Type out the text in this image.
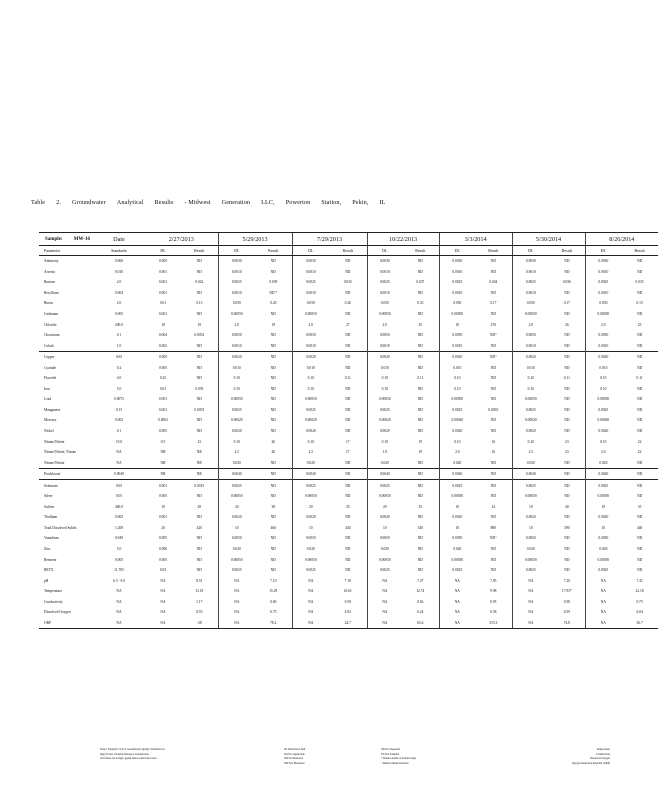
Table 2. Groundwater Analytical Results - Midwest Generation LLC, Powerton Station, Pekin, IL
Sample: MW-16	Date	2/27/2013		5/29/2013		7/29/2013		10/22/2013		3/3/2014		5/30/2014		8/26/2014	
Parameter	Standards	DL	Result	DL	Result	DL	Result	DL	Result	DL	Result	DL	Result	DL	Result
Antimony	0.006	0.003	ND	0.0030	ND	0.0030	ND	0.0030	ND	0.0030	ND	0.0030	ND	0.0030	ND
Arsenic	0.010	0.001	ND	0.0010	ND	0.0010	ND	0.0010	ND	0.0010	ND	0.0010	ND	0.0010	ND
Barium	2.0	0.001	0.042	0.0025	0.039	0.0025	0.035	0.0025	0.037	0.0025	0.044	0.0025	0.036	0.0025	0.035
Beryllium	0.004	0.001	ND	0.0010	ND *	0.0010	ND	0.0010	ND	0.0010	ND	0.0010	ND	0.0010	ND
Boron	2.0	0.01	0.13	0.050	0.20	0.050	0.26	0.050	0.35	0.050	0.17	0.050	0.17	0.050	0.15
Cadmium	0.005	0.001	ND	0.00050	ND	0.00050	ND	0.00050	ND	0.00050	ND	0.00050	ND	0.00050	ND
Chloride	200.0	10	19	2.0	19	2.0	27	2.0	35	10	270	2.0	26	2.0	25
Chromium	0.1	0.004	0.0052	0.0050	ND	0.0050	ND	0.0050	ND	0.0050	ND^	0.0050	ND	0.0050	ND
Cobalt	1.0	0.002	ND	0.0010	ND	0.0010	ND	0.0010	ND	0.0010	ND	0.0010	ND	0.0010	ND
Copper	0.65	0.003	ND	0.0020	ND	0.0020	ND	0.0020	ND	0.0020	ND^	0.0020	ND	0.0020	ND
Cyanide	0.2	0.005	ND	0.010	ND	0.010	ND	0.010	ND	0.010	ND	0.010	ND	0.010	ND
Fluoride	4.0	0.25	ND	0.10	ND	0.10	0.11	0.10	0.11	0.10	ND	0.10	0.11	0.10	0.11
Iron	5.0	0.01	0.039	0.10	ND	0.10	ND	0.10	ND	0.10	ND	0.10	ND	0.10	ND
Lead	0.0075	0.001	ND	0.00050	ND	0.00050	ND	0.00050	ND	0.00050	ND	0.00050	ND	0.00050	ND
Manganese	0.15	0.001	0.0053	0.0025	ND	0.0025	ND	0.0025	ND	0.0025	0.0035	0.0025	ND	0.0025	ND
Mercury	0.002	0.0002	ND	0.00020	ND	0.00020	ND	0.00020	ND	0.00020	ND	0.00020	ND	0.00020	ND
Nickel	0.1	0.005	ND	0.0020	ND	0.0020	ND	0.0020	ND	0.0020	ND	0.0020	ND	0.0020	ND
Nitrate/Nitrite	10.0	0.5	23	0.10	20	0.10	17	0.10	19	0.10	16	0.10	23	0.10	22
Nitrate/Nitrite, Nitrate	NA	NR	NR	2.5	20	2.5	17	1.0	19	2.0	16	2.5	23	2.0	22
Nitrate/Nitrite	NA	NR	NR	0.020	ND	0.020	ND	0.020	ND	0.020	ND	0.020	ND	0.020	ND
Perchlorate	0.0049	NR	NR	0.0040	ND	0.0040	ND	0.0040	ND	0.0040	ND	0.0040	ND	0.0040	ND
Selenium	0.05	0.001	0.0015	0.0025	ND	0.0025	ND	0.0025	ND	0.0025	ND	0.0025	ND	0.0025	ND
Silver	0.05	0.005	ND	0.00050	ND	0.00050	ND	0.00050	ND	0.00050	ND	0.00050	ND	0.00050	ND
Sulfate	400.0	10	28	20	38	20	35	20	35	10	34	10	40	10	35
Thallium	0.002	0.001	ND	0.0020	ND	0.0020	ND	0.0020	ND	0.0020	ND	0.0020	ND	0.0020	ND
Total Dissolved Solids	1,200	26	420	10	460	10	440	10	540	10	880	10	390	10	440
Vanadium	0.049	0.005	ND	0.0050	ND	0.0050	ND	0.0050	ND	0.0050	ND^	0.0050	ND	0.0050	ND
Zinc	5.0	0.006	ND	0.020	ND	0.020	ND	0.020	ND	0.020	ND	0.020	ND	0.020	ND
Benzene	0.005	0.005	ND	0.00050	ND	0.00050	ND	0.00050	ND	0.00050	ND	0.00050	ND	0.00050	ND
BETX	11.705	0.03	ND	0.0025	ND	0.0025	ND	0.0025	ND	0.0025	ND	0.0025	ND	0.0025	ND
pH	6.5 - 9.0	NA	8.31	NA	7.10	NA	7.18	NA	7.27	NA	7.85	NA	7.20	NA	7.41
Temperature	NA	NA	13.18	NA	15.29	NA	16.61	NA	12.74	NA	9.98	NA	17.93*	NA	22.18
Conductivity	NA	NA	1.17	NA	0.60	NA	0.59	NA	0.63	NA	0.95	NA	0.58	NA	0.75
Dissolved Oxygen	NA	NA	8.53	NA	6.75	NA	4.93	NA	6.24	NA	6.58	NA	6.59	NA	6.04
ORP	NA	NA	-28	NA	78.2	NA	24.7	NA	65.4	NA	315.3	NA	74.8	NA	36.7
Notes: Standard: Class I Groundwater Quality Standards for
(mg/l) Class I Potable Resource Groundwater
All values are in mg/L (ppm) unless otherwise noted
DL Detection Limit
NA Not Applicable
ND Not Detected
NM Not Measured
NR Not Reported
NS Not Sampled
* Result outside of normal range
^ Method blank detection
Temperature
Conductivity
Dissolved Oxygen
Oxygen Reduction Potential (ORP)
